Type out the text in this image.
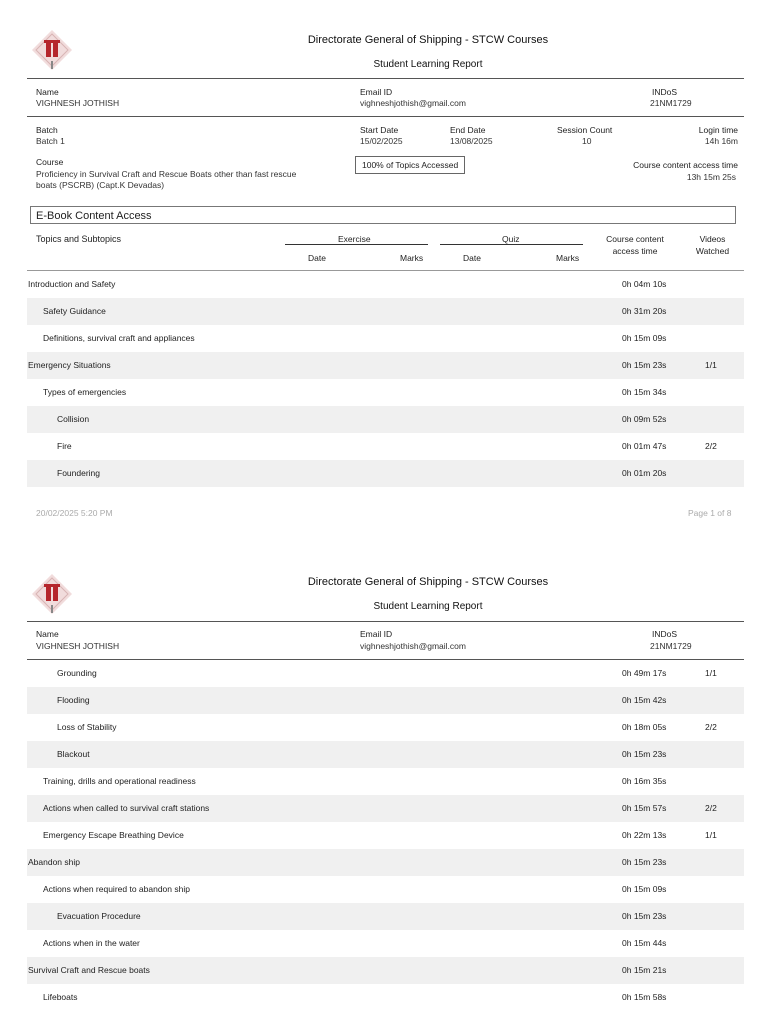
Directorate General of Shipping - STCW Courses
Student Learning Report
Name
VIGHNESH JOTHISH
Email ID
vighneshjothish@gmail.com
INDoS
21NM1729
Batch
Batch 1
Start Date
15/02/2025
End Date
13/08/2025
Session Count
10
Login time
14h 16m
Course
Proficiency in Survival Craft and Rescue Boats other than fast rescue
boats (PSCRB) (Capt.K Devadas)
100% of Topics Accessed	Course content access time
13h 15m 25s
E-Book Content Access
Topics and Subtopics	Exercise	Quiz
Date	Marks	Date	Marks
Course content
access time
Videos
Watched
Introduction and Safety	0h 04m 10s
Safety Guidance	0h 31m 20s
Definitions, survival craft and appliances	0h 15m 09s
Emergency Situations	0h 15m 23s	1/1
Types of emergencies	0h 15m 34s
Collision	0h 09m 52s
Fire	0h 01m 47s	2/2
Foundering	0h 01m 20s
20/02/2025 5:20 PM	Page 1 of 8
Directorate General of Shipping - STCW Courses
Student Learning Report
Name
VIGHNESH JOTHISH
Email ID
vighneshjothish@gmail.com
INDoS
21NM1729
Grounding	0h 49m 17s	1/1
Flooding	0h 15m 42s
Loss of Stability	0h 18m 05s	2/2
Blackout	0h 15m 23s
Training, drills and operational readiness	0h 16m 35s
Actions when called to survival craft stations	0h 15m 57s	2/2
Emergency Escape Breathing Device	0h 22m 13s	1/1
Abandon ship	0h 15m 23s
Actions when required to abandon ship	0h 15m 09s
Evacuation Procedure	0h 15m 23s
Actions when in the water	0h 15m 44s
Survival Craft and Rescue boats	0h 15m 21s
Lifeboats	0h 15m 58s
